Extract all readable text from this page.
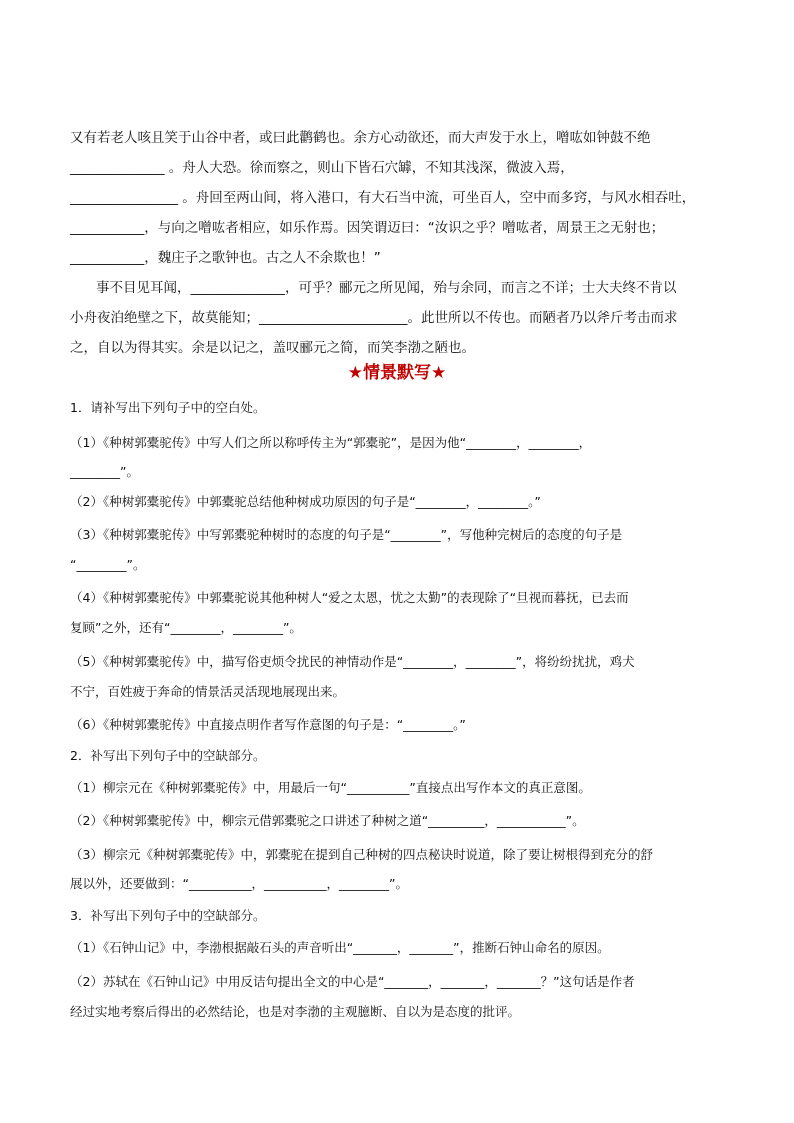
又有若老人咳且笑于山谷中者，或曰此鹳鹤也。余方心动欲还，而大声发于水上，噌吰如钟鼓不绝
______________ 。舟人大恐。徐而察之，则山下皆石穴罅，不知其浅深，微波入焉，
________________ 。舟回至两山间，将入港口，有大石当中流，可坐百人，空中而多窍，与风水相吞吐，
___________，与向之噌吰者相应，如乐作焉。因笑谓迈曰：“汝识之乎？噌吰者，周景王之无射也；
___________，魏庄子之歌钟也。古之人不余欺也！”
事不目见耳闻，______________，可乎？郦元之所见闻，殆与余同，而言之不详；士大夫终不肯以
小舟夜泊绝壁之下，故莫能知；______________________。此世所以不传也。而陋者乃以斧斤考击而求
之，自以为得其实。余是以记之，盖叹郦元之简，而笑李渤之陋也。
★情景默写★
1．请补写出下列句子中的空白处。
（1）《种树郭橐驼传》中写人们之所以称呼传主为“郭橐驼”，是因为他“________，________，
________”。
（2）《种树郭橐驼传》中郭橐驼总结他种树成功原因的句子是“________，________。”
（3）《种树郭橐驼传》中写郭橐驼种树时的态度的句子是“________”，写他种完树后的态度的句子是
“________”。
（4）《种树郭橐驼传》中郭橐驼说其他种树人“爱之太恩，忧之太勤”的表现除了“旦视而暮抚，已去而
复顾”之外，还有“________，________”。
（5）《种树郭橐驼传》中，描写俗吏烦令扰民的神情动作是“________，________”，将纷纷扰扰，鸡犬
不宁，百姓疲于奔命的情景活灵活现地展现出来。
（6）《种树郭橐驼传》中直接点明作者写作意图的句子是：“________。”
2．补写出下列句子中的空缺部分。
（1）柳宗元在《种树郭橐驼传》中，用最后一句“__________”直接点出写作本文的真正意图。
（2）《种树郭橐驼传》中，柳宗元借郭橐驼之口讲述了种树之道“_________，___________”。
（3）柳宗元《种树郭橐驼传》中，郭橐驼在提到自己种树的四点秘诀时说道，除了要让树根得到充分的舒
展以外，还要做到：“__________，__________，________”。
3．补写出下列句子中的空缺部分。
（1）《石钟山记》中，李渤根据敲石头的声音听出“_______，_______”，推断石钟山命名的原因。
（2）苏轼在《石钟山记》中用反诘句提出全文的中心是“_______，_______，_______？”这句话是作者
经过实地考察后得出的必然结论，也是对李渤的主观臆断、自以为是态度的批评。
